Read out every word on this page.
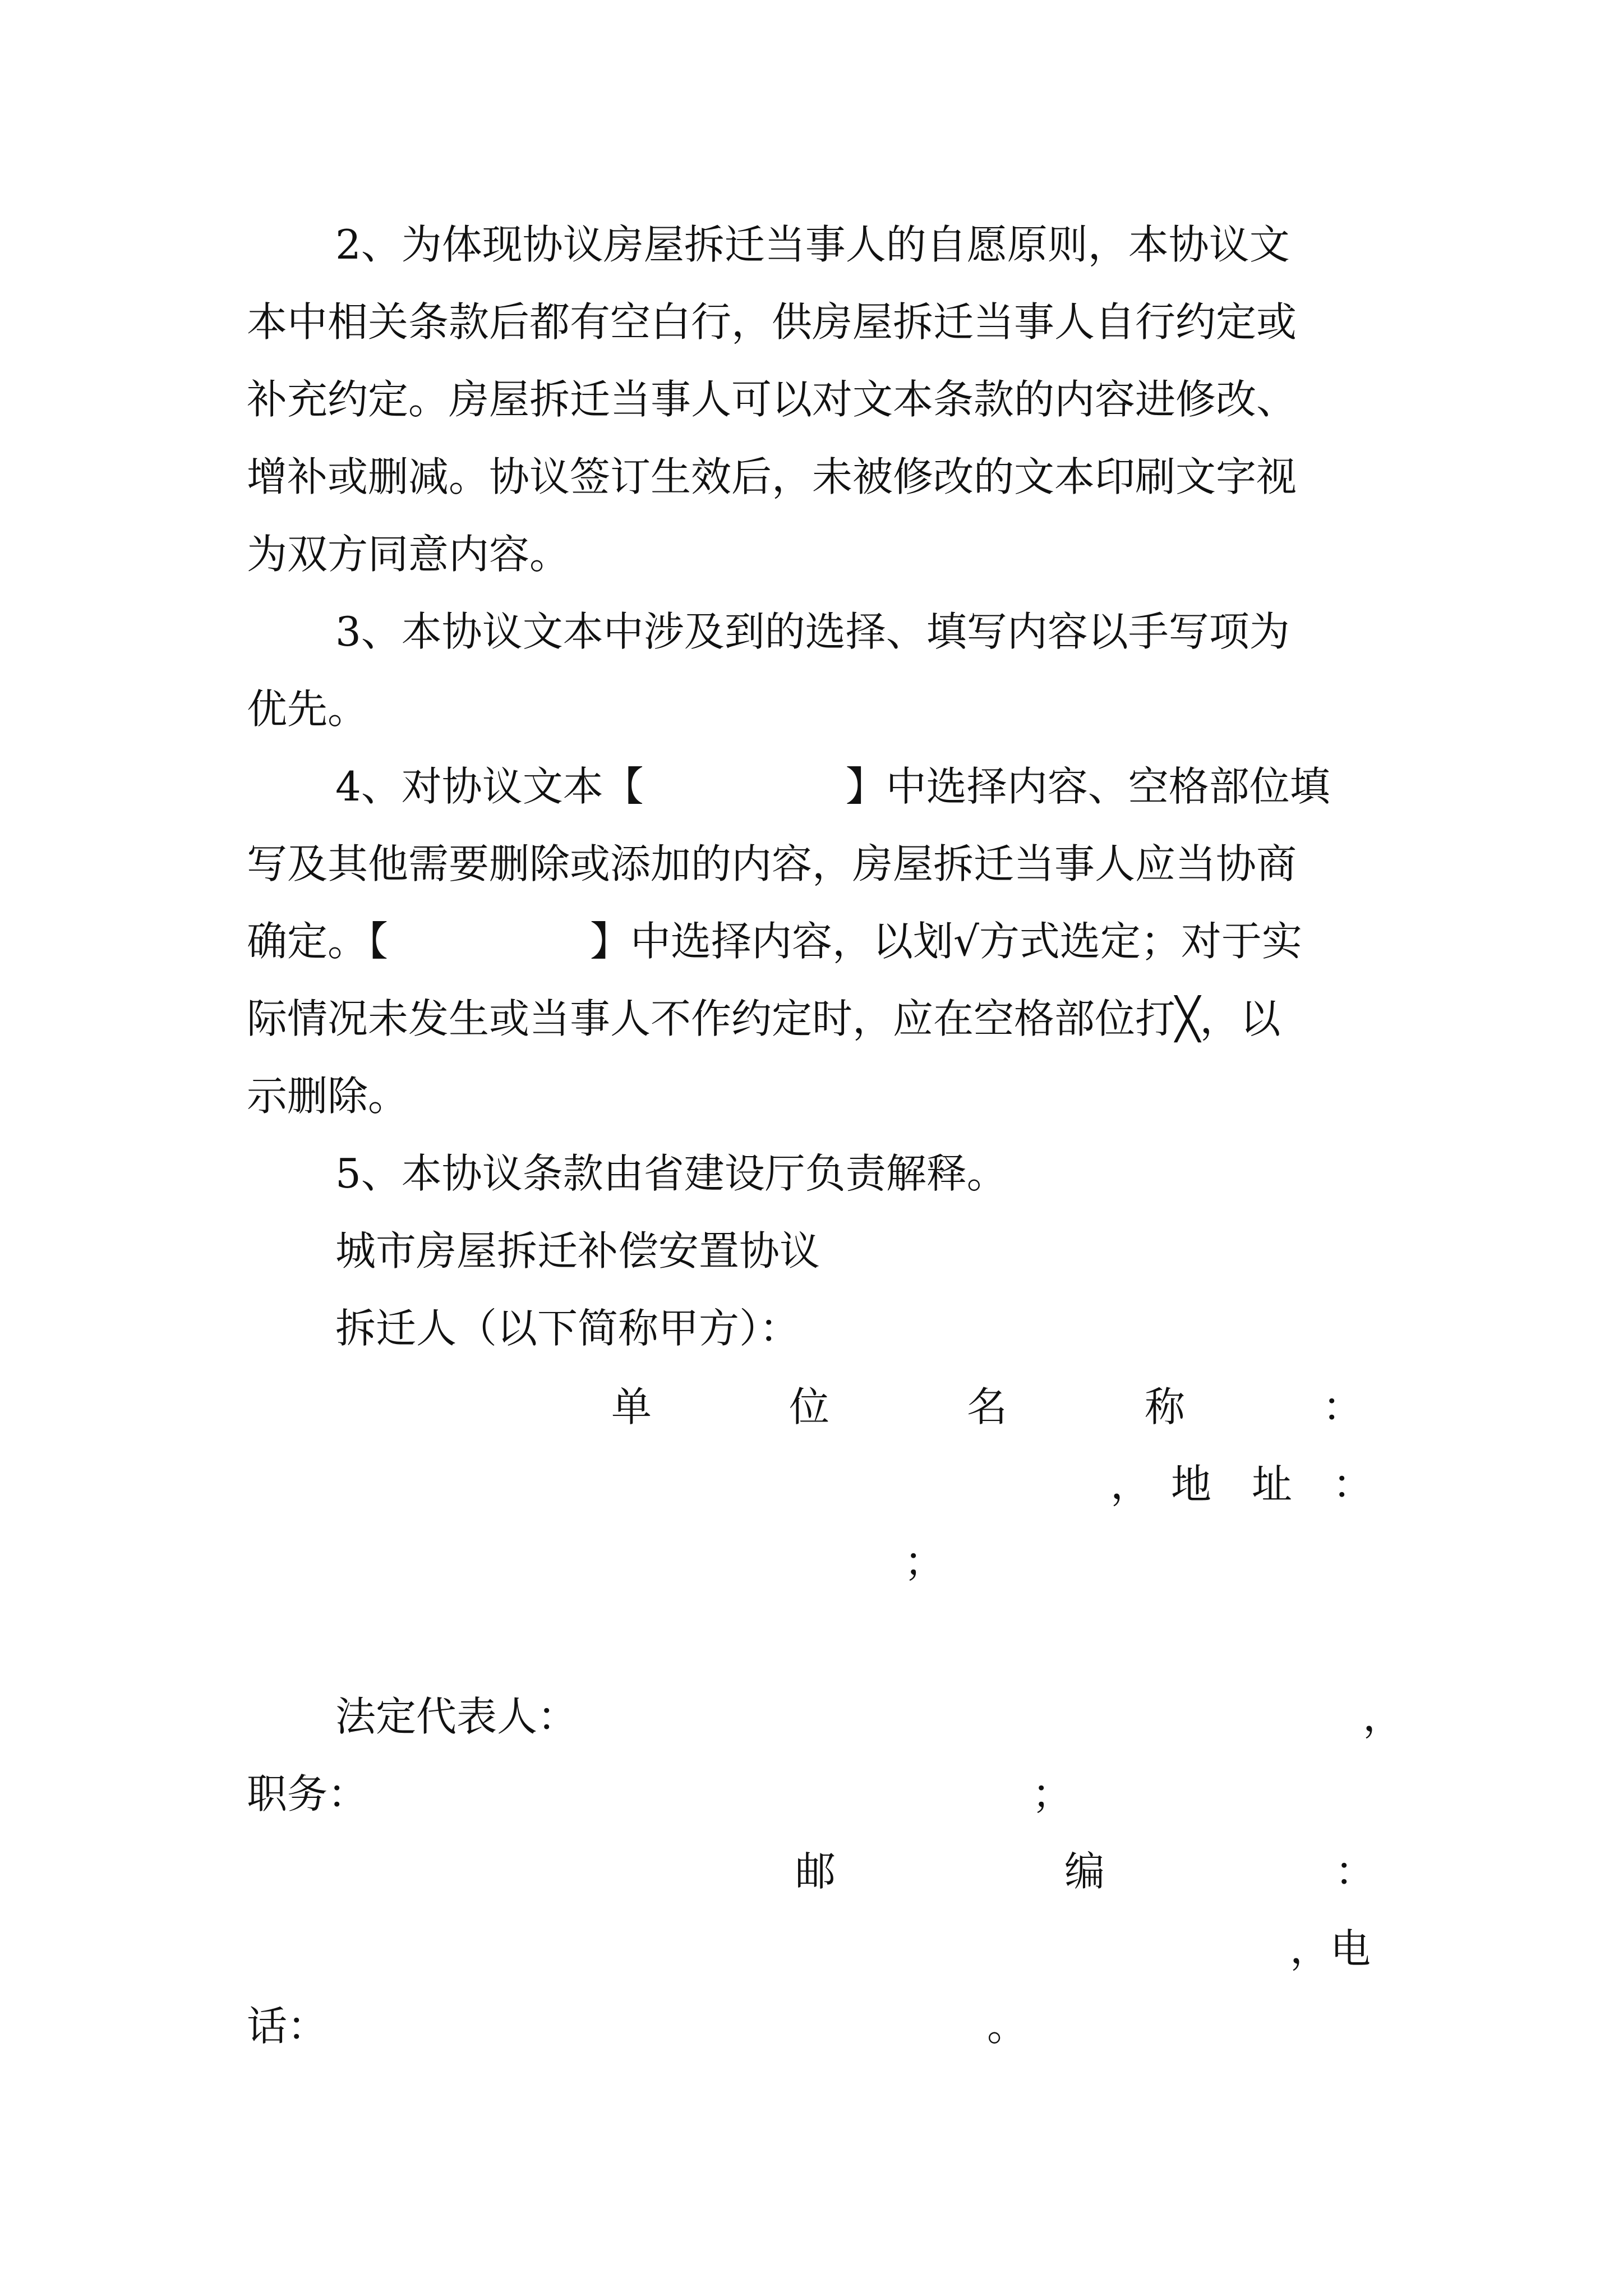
2、为体现协议房屋拆迁当事人的自愿原则，本协议文
本中相关条款后都有空白行，供房屋拆迁当事人自行约定或
补充约定。房屋拆迁当事人可以对文本条款的内容进修改、
增补或删减。协议签订生效后，未被修改的文本印刷文字视
为双方同意内容。
3、本协议文本中涉及到的选择、填写内容以手写项为
优先。
4、对协议文本【　　　　　】中选择内容、空格部位填
写及其他需要删除或添加的内容，房屋拆迁当事人应当协商
确定。【　　　　　】中选择内容，以划√方式选定；对于实
际情况未发生或当事人不作约定时，应在空格部位打╳，以
示删除。
5、本协议条款由省建设厅负责解释。
城市房屋拆迁补偿安置协议
拆迁人（以下简称甲方）：
单	位	名	称	：
，　地　址　：
；
法定代表人：	，
职务：	；
邮	编	：
，电
话：	。
